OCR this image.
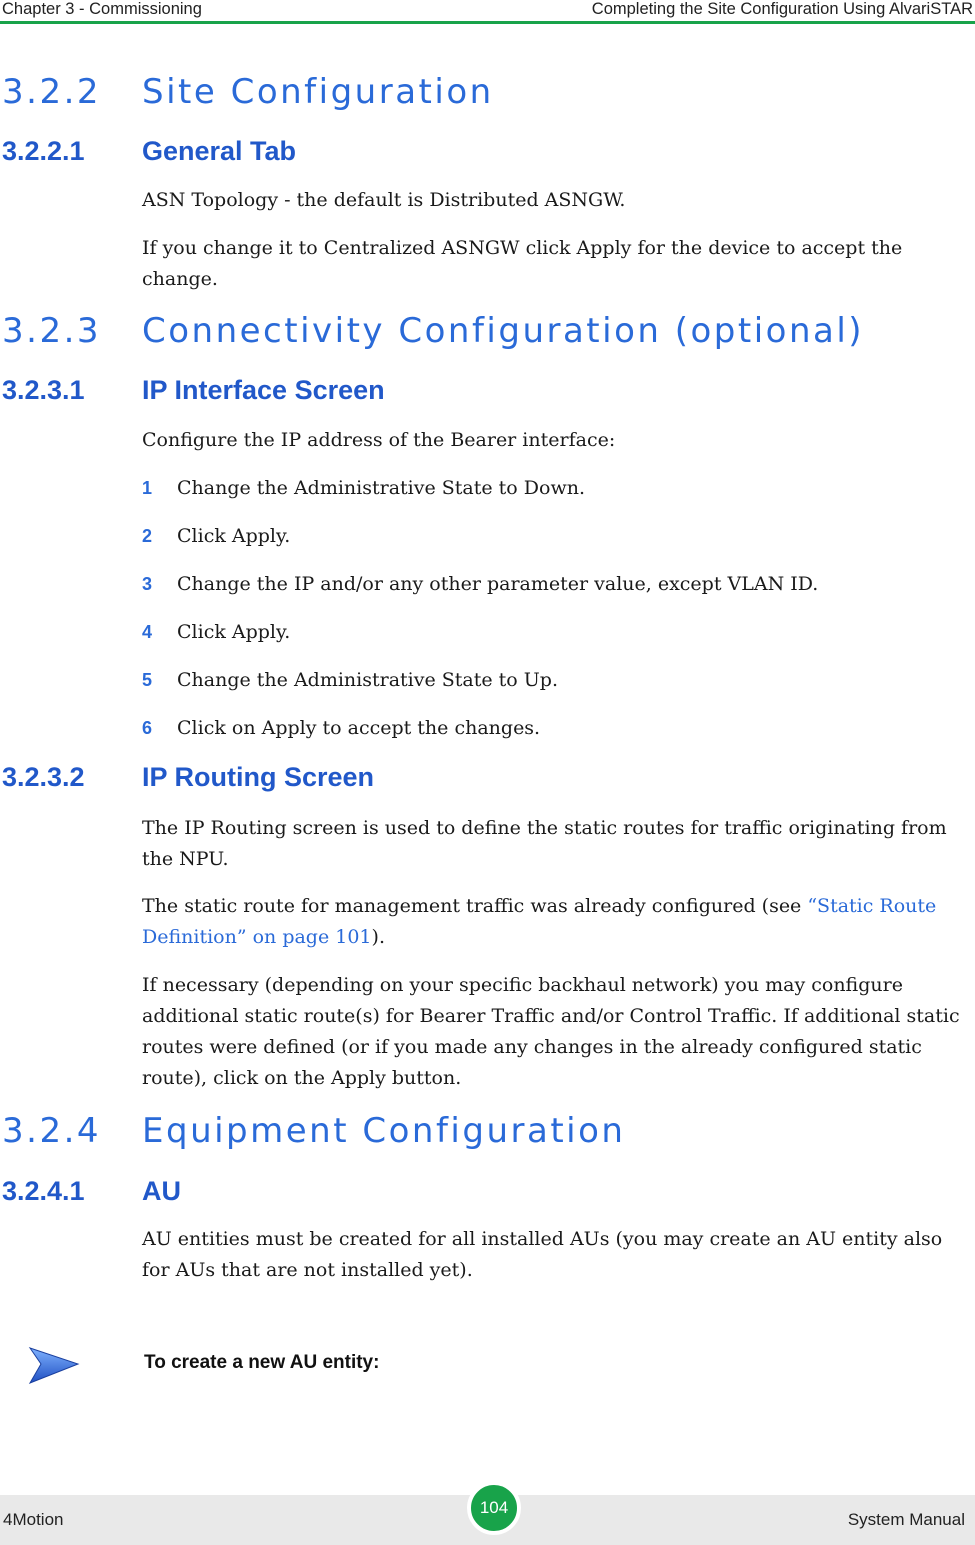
Chapter 3 - Commissioning	Completing the Site Configuration Using AlvariSTAR
3.2.2 Site Configuration
3.2.2.1 General Tab
ASN Topology - the default is Distributed ASNGW.
If you change it to Centralized ASNGW click Apply for the device to accept the change.
3.2.3 Connectivity Configuration (optional)
3.2.3.1 IP Interface Screen
Configure the IP address of the Bearer interface:
1 Change the Administrative State to Down.
2 Click Apply.
3 Change the IP and/or any other parameter value, except VLAN ID.
4 Click Apply.
5 Change the Administrative State to Up.
6 Click on Apply to accept the changes.
3.2.3.2 IP Routing Screen
The IP Routing screen is used to define the static routes for traffic originating from the NPU.
The static route for management traffic was already configured (see “Static Route Definition” on page 101).
If necessary (depending on your specific backhaul network) you may configure additional static route(s) for Bearer Traffic and/or Control Traffic. If additional static routes were defined (or if you made any changes in the already configured static route), click on the Apply button.
3.2.4 Equipment Configuration
3.2.4.1 AU
AU entities must be created for all installed AUs (you may create an AU entity also for AUs that are not installed yet).
To create a new AU entity:
4Motion
104
System Manual
